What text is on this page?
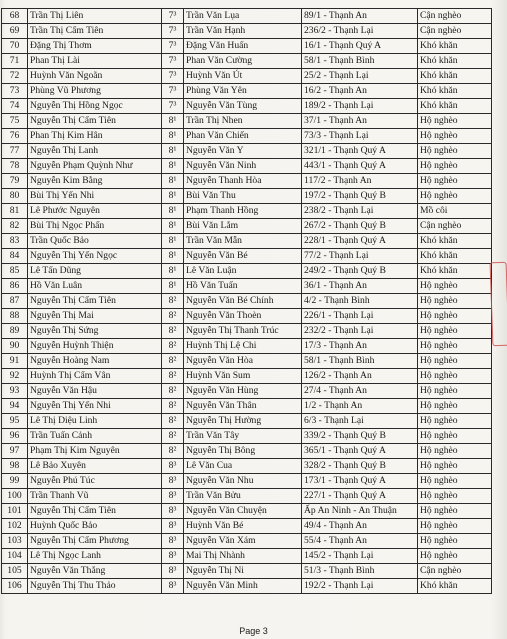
68	Trần Thị Liên	7³	Trần Văn Lụa	89/1 - Thạnh An	Cận nghèo
69	Trần Thị Cẩm Tiên	7³	Trần Văn Hạnh	236/2 - Thạnh Lại	Cận nghèo
70	Đặng Thị Thơm	7³	Đặng Văn Huấn	16/1 - Thạnh Quý A	Khó khăn
71	Phan Thị Lài	7³	Phan Văn Cường	58/1 - Thạnh Bình	Khó khăn
72	Huỳnh Văn Ngoãn	7³	Huỳnh Văn Út	25/2 - Thạnh Lại	Khó khăn
73	Phùng Vũ Phương	7³	Phùng Văn Yên	16/2 - Thạnh An	Khó khăn
74	Nguyễn Thị Hồng Ngọc	7³	Nguyễn Văn Tùng	189/2 - Thạnh Lại	Khó khăn
75	Nguyễn Thị Cẩm Tiên	8¹	Trần Thị Nhen	37/1 - Thạnh An	Hộ nghèo
76	Phan Thị Kim Hân	8¹	Phan Văn Chiến	73/3 - Thạnh Lại	Hộ nghèo
77	Nguyễn Thị Lanh	8¹	Nguyễn Văn Y	321/1 - Thạnh Quý A	Hộ nghèo
78	Nguyễn Phạm Quỳnh Như	8¹	Nguyễn Văn Ninh	443/1 - Thạnh Quý A	Hộ nghèo
79	Nguyễn Kim Bằng	8¹	Nguyễn Thanh Hòa	117/2 - Thạnh An	Hộ nghèo
80	Bùi Thị Yến Nhi	8¹	Bùi Văn Thu	197/2 - Thạnh Quý B	Hộ nghèo
81	Lê Phước Nguyên	8¹	Phạm Thanh Hồng	238/2 - Thạnh Lại	Mồ côi
82	Bùi Thị Ngọc Phấn	8¹	Bùi Văn Lắm	267/2 - Thạnh Quý B	Cận nghèo
83	Trần Quốc Bảo	8¹	Trần Văn Mẫn	228/1 - Thạnh Quý A	Khó khăn
84	Nguyễn Thị Yến Ngọc	8¹	Nguyễn Văn Bé	77/2 - Thạnh Lại	Khó khăn
85	Lê Tấn Dũng	8¹	Lê Văn Luận	249/2 - Thạnh Quý B	Khó khăn
86	Hồ Văn Luân	8¹	Hồ Văn Tuấn	36/1 - Thạnh An	Hộ nghèo
87	Nguyễn Thị Cẩm Tiên	8²	Nguyễn Văn Bé Chính	4/2 - Thạnh Bình	Hộ nghèo
88	Nguyễn Thị Mai	8²	Nguyễn Văn Thoèn	226/1 - Thạnh Lại	Hộ nghèo
89	Nguyễn Thị Sứng	8²	Nguyễn Thị Thanh Trúc	232/2 - Thạnh Lại	Hộ nghèo
90	Nguyễn Huỳnh Thiện	8²	Huỳnh Thị Lệ Chi	17/3 - Thạnh An	Hộ nghèo
91	Nguyễn Hoàng Nam	8²	Nguyễn Văn Hòa	58/1 - Thạnh Bình	Hộ nghèo
92	Huỳnh Thị Cẩm Vân	8²	Huỳnh Văn Sum	126/2 - Thạnh An	Hộ nghèo
93	Nguyễn Văn Hậu	8²	Nguyễn Văn Hùng	27/4 - Thạnh An	Hộ nghèo
94	Nguyễn Thị Yến Nhi	8²	Nguyễn Văn Thân	1/2 - Thạnh An	Hộ nghèo
95	Lê Thị Diệu Linh	8²	Nguyễn Thị Hường	6/3 - Thạnh Lại	Hộ nghèo
96	Trần Tuấn Cảnh	8²	Trần Văn Tây	339/2 - Thạnh Quý B	Hộ nghèo
97	Phạm Thị Kim Nguyên	8²	Nguyễn Thị Bông	365/1 - Thạnh Quý A	Hộ nghèo
98	Lê Bảo Xuyên	8³	Lê Văn Cua	328/2 - Thạnh Quý B	Hộ nghèo
99	Nguyễn Phú Túc	8³	Nguyễn Văn Nhu	173/1 - Thạnh Quý A	Hộ nghèo
100	Trần Thanh Vũ	8³	Trần Văn Bửu	227/1 - Thạnh Quý A	Hộ nghèo
101	Nguyễn Thị Cẩm Tiên	8³	Nguyễn Văn Chuyện	Ấp An Ninh - An Thuận	Hộ nghèo
102	Huỳnh Quốc Bảo	8³	Huỳnh Văn Bé	49/4 - Thạnh An	Hộ nghèo
103	Nguyễn Thị Cẩm Phương	8³	Nguyễn Văn Xám	55/4 - Thạnh An	Hộ nghèo
104	Lê Thị Ngọc Lanh	8³	Mai Thị Nhành	145/2 - Thạnh Lại	Hộ nghèo
105	Nguyễn Văn Thắng	8³	Nguyễn Thị Ni	51/3 - Thạnh Bình	Cận nghèo
106	Nguyễn Thị Thu Thảo	8³	Nguyễn Văn Minh	192/2 - Thạnh Lại	Khó khăn
Page 3
